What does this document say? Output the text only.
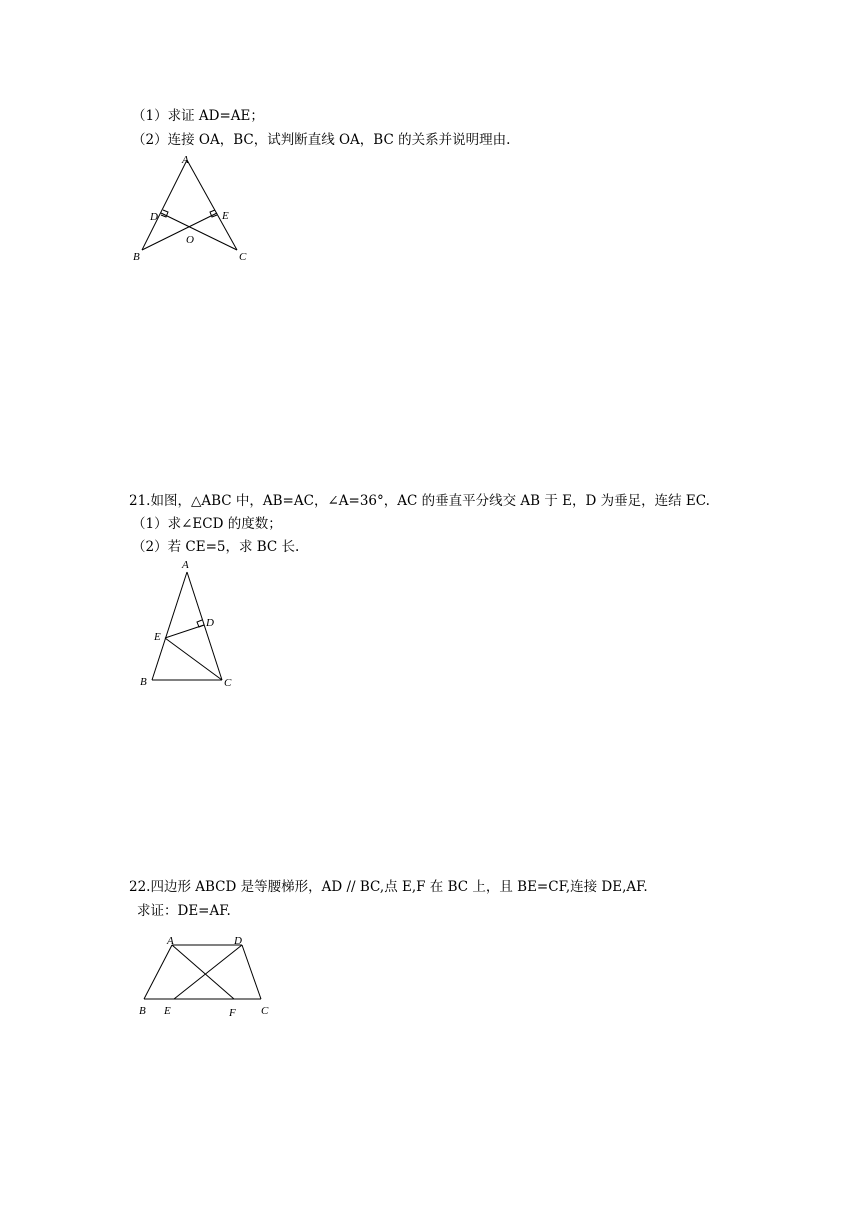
（1）求证 AD=AE；
（2）连接 OA，BC，试判断直线 OA，BC 的关系并说明理由.
A
D	E
O
B	C
21.如图，△ABC 中，AB=AC，∠A=36°，AC 的垂直平分线交 AB 于 E，D 为垂足，连结 EC.
（1）求∠ECD 的度数；
（2）若 CE=5，求 BC 长.
A
D
E
B	C
22.四边形 ABCD 是等腰梯形，AD // BC,点 E,F 在 BC 上，且 BE=CF,连接 DE,AF.
求证：DE=AF.
A	D
B E	F C
